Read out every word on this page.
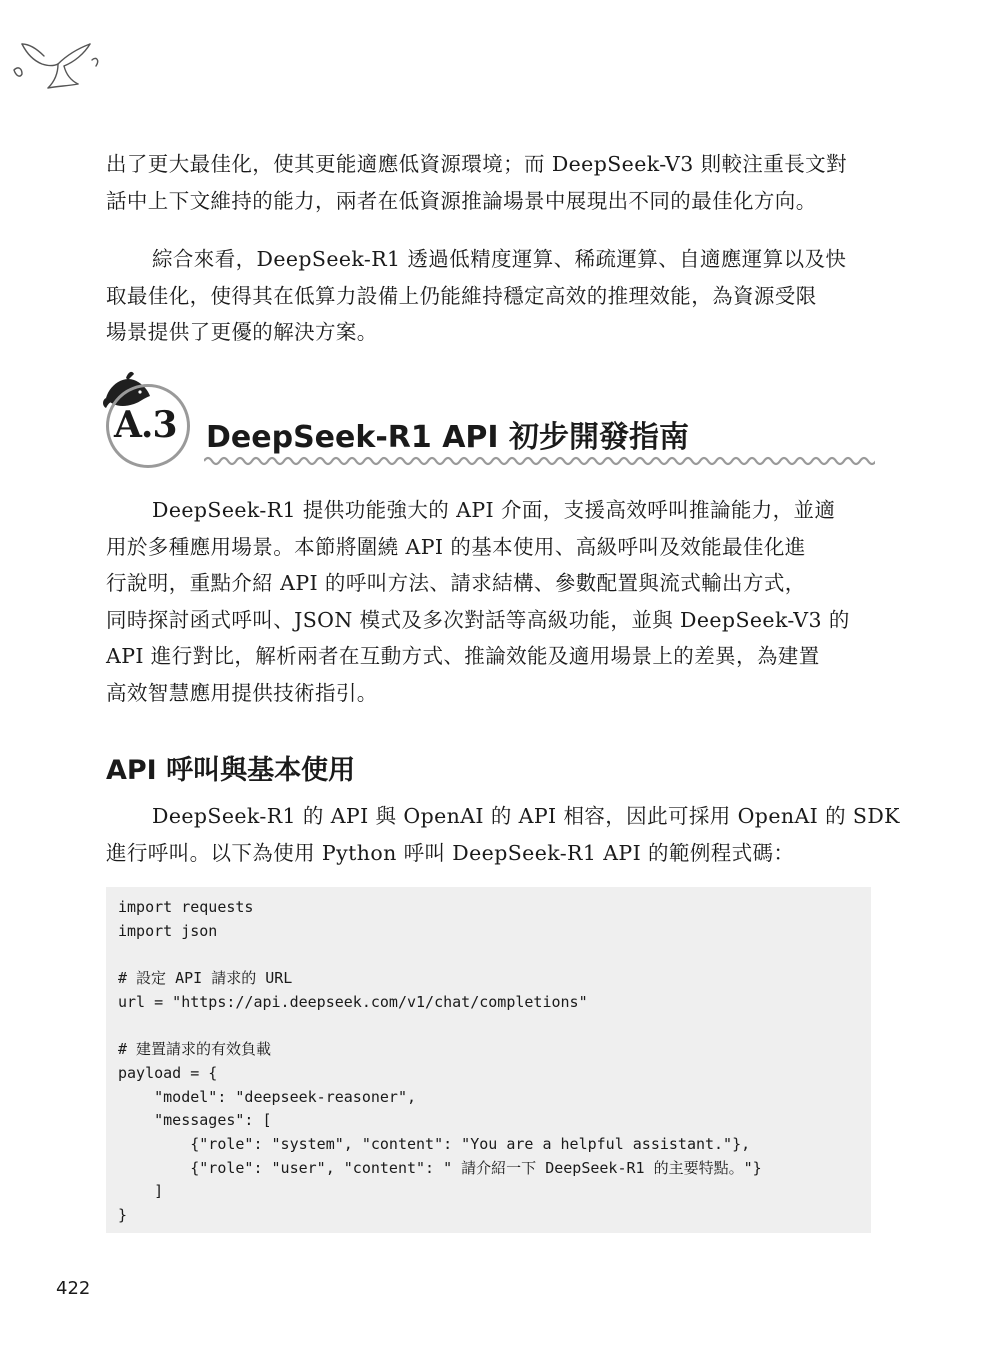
出了更大最佳化，使其更能適應低資源環境；而 DeepSeek-V3 則較注重長文對
話中上下文維持的能力，兩者在低資源推論場景中展現出不同的最佳化方向。

綜合來看，DeepSeek-R1 透過低精度運算、稀疏運算、自適應運算以及快
取最佳化，使得其在低算力設備上仍能維持穩定高效的推理效能，為資源受限
場景提供了更優的解決方案。

A.3 DeepSeek-R1 API 初步開發指南

DeepSeek-R1 提供功能強大的 API 介面，支援高效呼叫推論能力，並適
用於多種應用場景。本節將圍繞 API 的基本使用、高級呼叫及效能最佳化進
行說明，重點介紹 API 的呼叫方法、請求結構、參數配置與流式輸出方式，
同時探討函式呼叫、JSON 模式及多次對話等高級功能，並與 DeepSeek-V3 的
API 進行對比，解析兩者在互動方式、推論效能及適用場景上的差異，為建置
高效智慧應用提供技術指引。

API 呼叫與基本使用

DeepSeek-R1 的 API 與 OpenAI 的 API 相容，因此可採用 OpenAI 的 SDK
進行呼叫。以下為使用 Python 呼叫 DeepSeek-R1 API 的範例程式碼：

import requests
import json
# 設定 API 請求的 URL
url = "https://api.deepseek.com/v1/chat/completions"
# 建置請求的有效負載
payload = {
"model": "deepseek-reasoner",
"messages": [
{"role": "system", "content": "You are a helpful assistant."},
{"role": "user", "content": " 請介紹一下 DeepSeek-R1 的主要特點。"}
]
}
422
